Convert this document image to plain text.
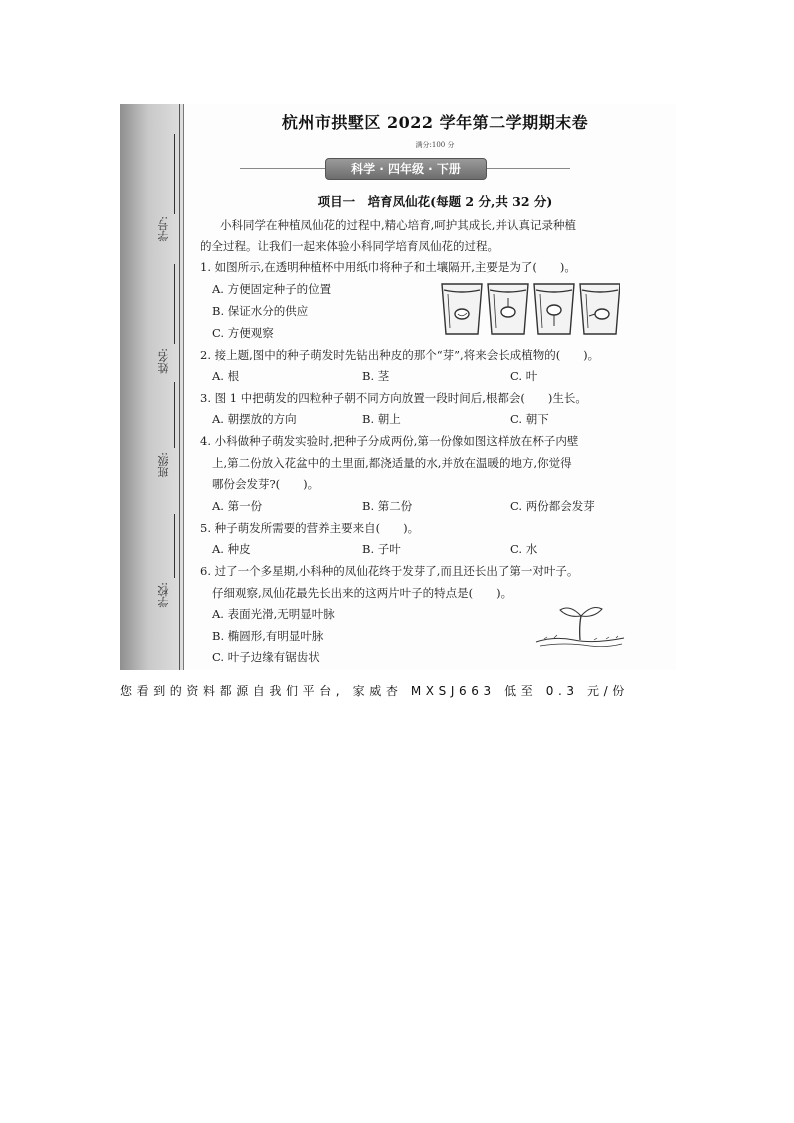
学号:
姓名:
班级:
学校:
杭州市拱墅区 2022 学年第二学期期末卷
满分:100 分
科学 · 四年级 · 下册
项目一　培育凤仙花(每题 2 分,共 32 分)
小科同学在种植凤仙花的过程中,精心培育,呵护其成长,并认真记录种植
的全过程。让我们一起来体验小科同学培育凤仙花的过程。
1. 如图所示,在透明种植杯中用纸巾将种子和土壤隔开,主要是为了(　　)。
A. 方便固定种子的位置
B. 保证水分的供应
C. 方便观察
2. 接上题,图中的种子萌发时先钻出种皮的那个“芽”,将来会长成植物的(　　)。
A. 根	B. 茎	C. 叶
3. 图 1 中把萌发的四粒种子朝不同方向放置一段时间后,根都会(　　)生长。
A. 朝摆放的方向	B. 朝上	C. 朝下
4. 小科做种子萌发实验时,把种子分成两份,第一份像如图这样放在杯子内壁
上,第二份放入花盆中的土里面,都浇适量的水,并放在温暖的地方,你觉得
哪份会发芽?(　　)。
A. 第一份	B. 第二份	C. 两份都会发芽
5. 种子萌发所需要的营养主要来自(　　)。
A. 种皮	B. 子叶	C. 水
6. 过了一个多星期,小科种的凤仙花终于发芽了,而且还长出了第一对叶子。
仔细观察,凤仙花最先长出来的这两片叶子的特点是(　　)。
A. 表面光滑,无明显叶脉
B. 椭圆形,有明显叶脉
C. 叶子边缘有锯齿状
您看到的资料都源自我们平台, 家威杏 MXSJ663 低至 0.3 元/份
